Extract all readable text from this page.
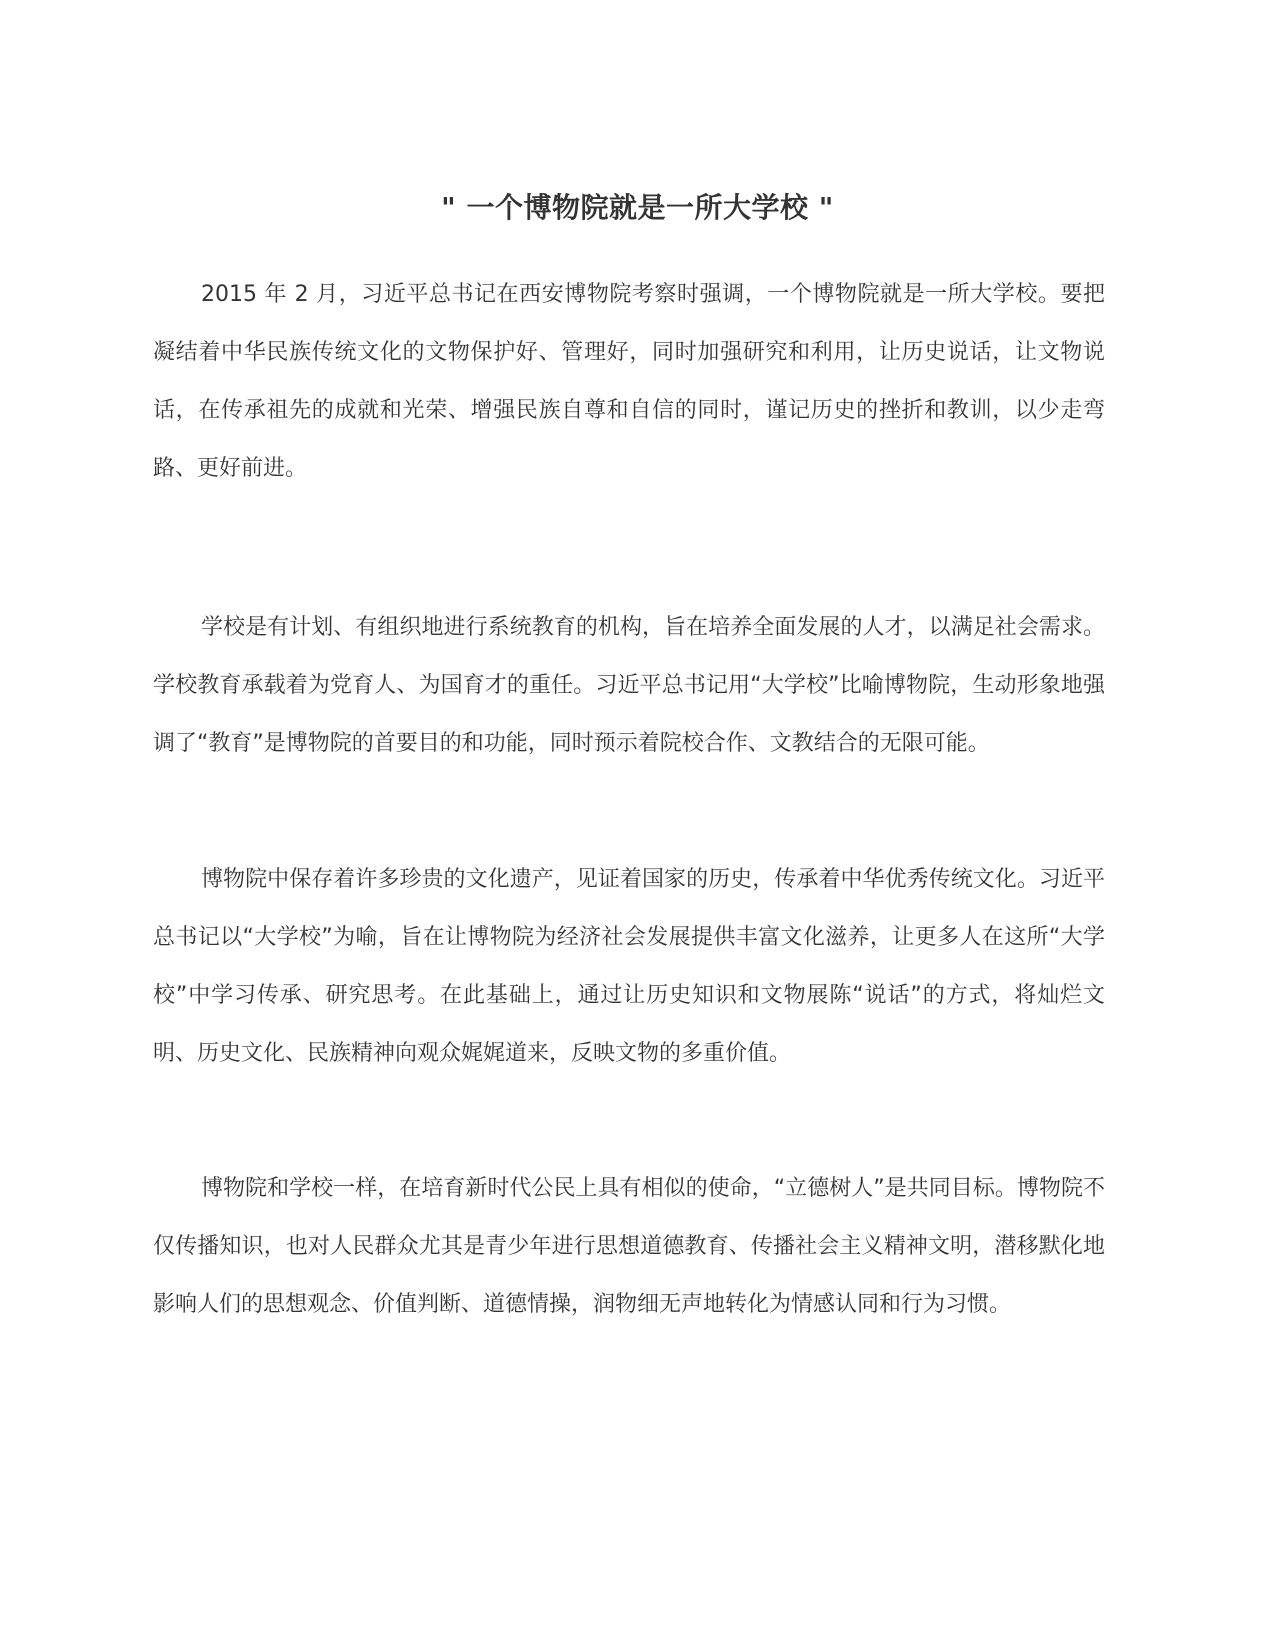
" 一个博物院就是一所大学校 "

2015 年 2 月，习近平总书记在西安博物院考察时强调，一个博物院就是一所大学校。要把凝结着中华民族传统文化的文物保护好、管理好，同时加强研究和利用，让历史说话，让文物说话，在传承祖先的成就和光荣、增强民族自尊和自信的同时，谨记历史的挫折和教训，以少走弯路、更好前进。

学校是有计划、有组织地进行系统教育的机构，旨在培养全面发展的人才，以满足社会需求。学校教育承载着为党育人、为国育才的重任。习近平总书记用“大学校”比喻博物院，生动形象地强调了“教育”是博物院的首要目的和功能，同时预示着院校合作、文教结合的无限可能。

博物院中保存着许多珍贵的文化遗产，见证着国家的历史，传承着中华优秀传统文化。习近平总书记以“大学校”为喻，旨在让博物院为经济社会发展提供丰富文化滋养，让更多人在这所“大学校”中学习传承、研究思考。在此基础上，通过让历史知识和文物展陈“说话”的方式，将灿烂文明、历史文化、民族精神向观众娓娓道来，反映文物的多重价值。

博物院和学校一样，在培育新时代公民上具有相似的使命，“立德树人”是共同目标。博物院不仅传播知识，也对人民群众尤其是青少年进行思想道德教育、传播社会主义精神文明，潜移默化地影响人们的思想观念、价值判断、道德情操，润物细无声地转化为情感认同和行为习惯。
